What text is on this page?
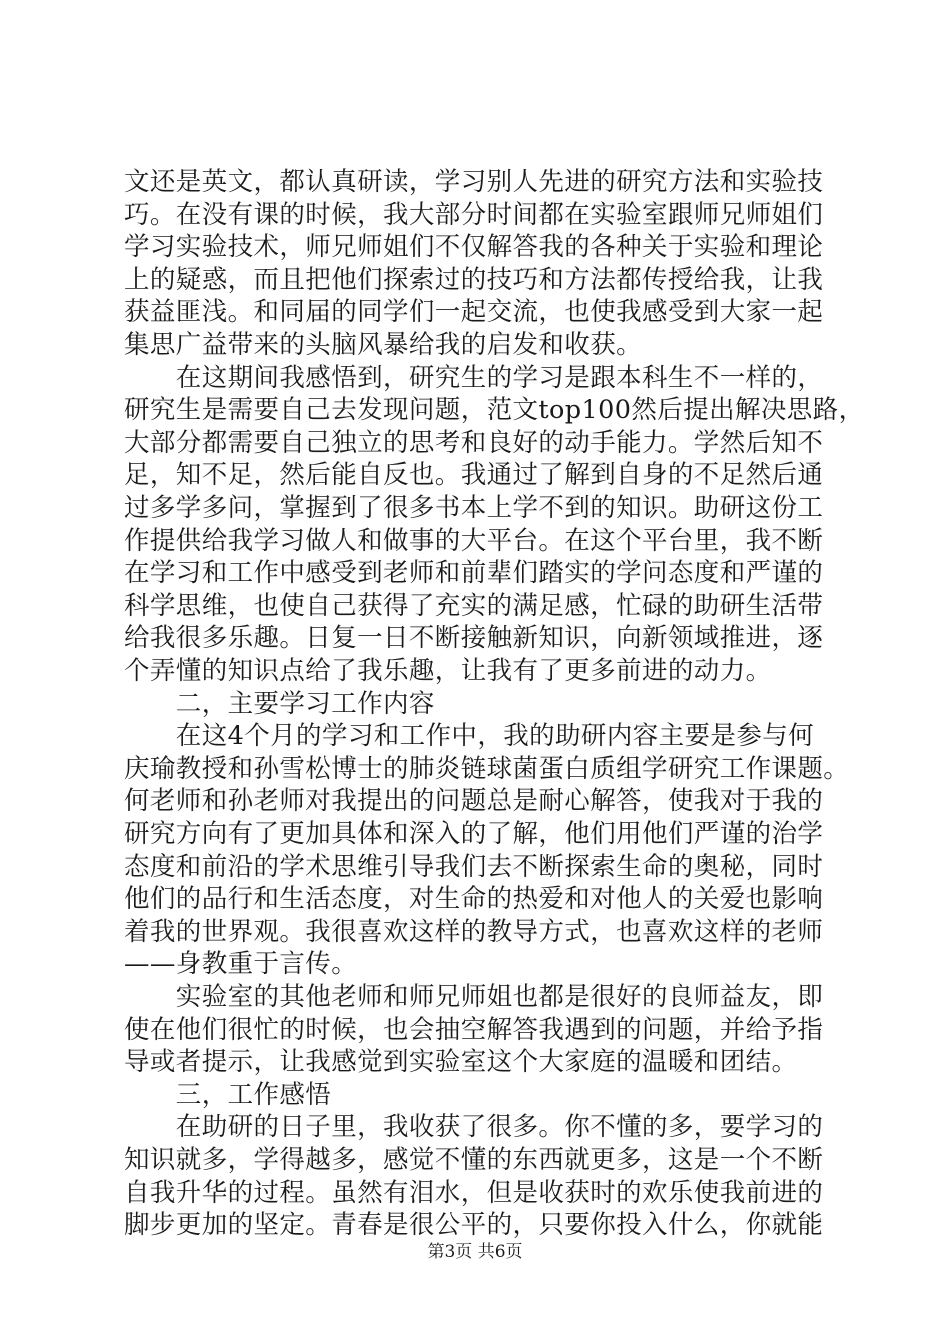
文还是英文，都认真研读，学习别人先进的研究方法和实验技
巧。在没有课的时候，我大部分时间都在实验室跟师兄师姐们
学习实验技术，师兄师姐们不仅解答我的各种关于实验和理论
上的疑惑，而且把他们探索过的技巧和方法都传授给我，让我
获益匪浅。和同届的同学们一起交流，也使我感受到大家一起
集思广益带来的头脑风暴给我的启发和收获。
　　在这期间我感悟到，研究生的学习是跟本科生不一样的，
研究生是需要自己去发现问题，范文top100然后提出解决思路，
大部分都需要自己独立的思考和良好的动手能力。学然后知不
足，知不足，然后能自反也。我通过了解到自身的不足然后通
过多学多问，掌握到了很多书本上学不到的知识。助研这份工
作提供给我学习做人和做事的大平台。在这个平台里，我不断
在学习和工作中感受到老师和前辈们踏实的学问态度和严谨的
科学思维，也使自己获得了充实的满足感，忙碌的助研生活带
给我很多乐趣。日复一日不断接触新知识，向新领域推进，逐
个弄懂的知识点给了我乐趣，让我有了更多前进的动力。
　　二，主要学习工作内容
　　在这4个月的学习和工作中，我的助研内容主要是参与何
庆瑜教授和孙雪松博士的肺炎链球菌蛋白质组学研究工作课题。
何老师和孙老师对我提出的问题总是耐心解答，使我对于我的
研究方向有了更加具体和深入的了解，他们用他们严谨的治学
态度和前沿的学术思维引导我们去不断探索生命的奥秘，同时
他们的品行和生活态度，对生命的热爱和对他人的关爱也影响
着我的世界观。我很喜欢这样的教导方式，也喜欢这样的老师
——身教重于言传。
　　实验室的其他老师和师兄师姐也都是很好的良师益友，即
使在他们很忙的时候，也会抽空解答我遇到的问题，并给予指
导或者提示，让我感觉到实验室这个大家庭的温暖和团结。
　　三，工作感悟
　　在助研的日子里，我收获了很多。你不懂的多，要学习的
知识就多，学得越多，感觉不懂的东西就更多，这是一个不断
自我升华的过程。虽然有泪水，但是收获时的欢乐使我前进的
脚步更加的坚定。青春是很公平的，只要你投入什么，你就能
第3页 共6页
